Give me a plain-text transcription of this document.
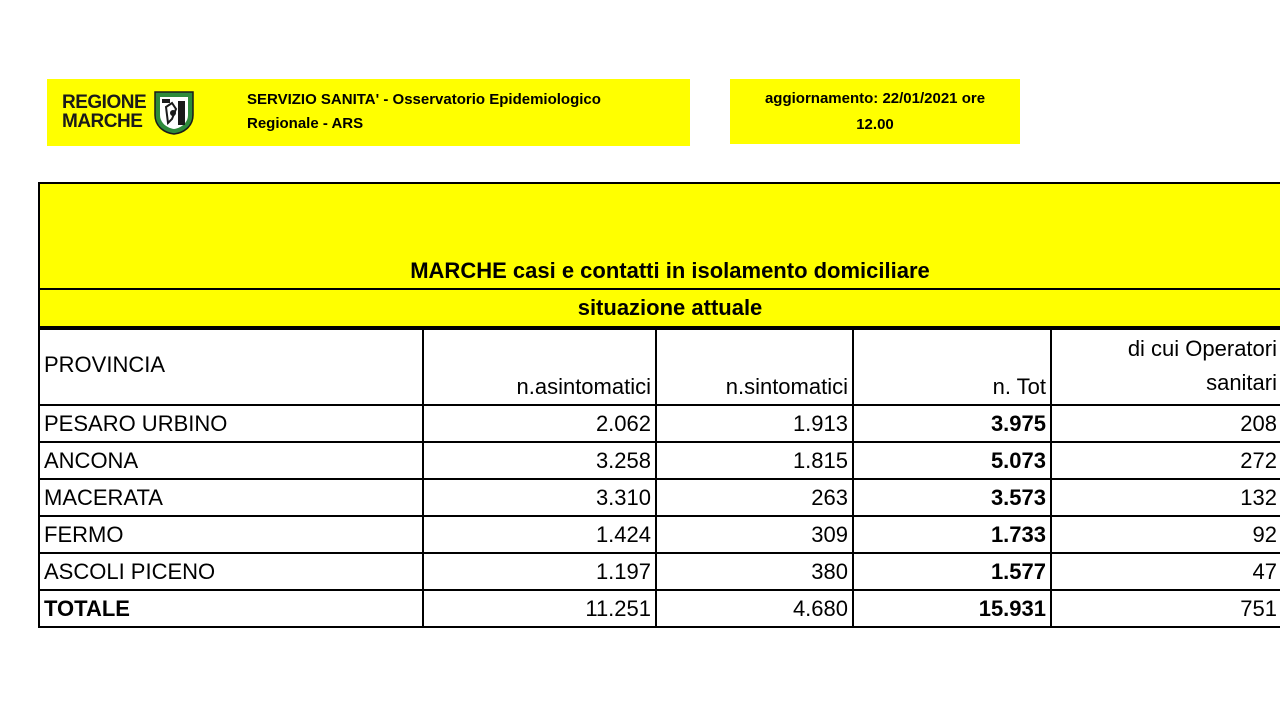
REGIONE
MARCHE
SERVIZIO SANITA' - Osservatorio Epidemiologico
Regionale - ARS
aggiornamento: 22/01/2021 ore
12.00
MARCHE casi e contatti in isolamento domiciliare
situazione attuale
PROVINCIA	n.asintomatici	n.sintomatici	n. Tot	di cui Operatori
sanitari

PESARO URBINO	2.062	1.913	3.975	208
ANCONA	3.258	1.815	5.073	272
MACERATA	3.310	263	3.573	132
FERMO	1.424	309	1.733	92
ASCOLI PICENO	1.197	380	1.577	47
TOTALE	11.251	4.680	15.931	751
